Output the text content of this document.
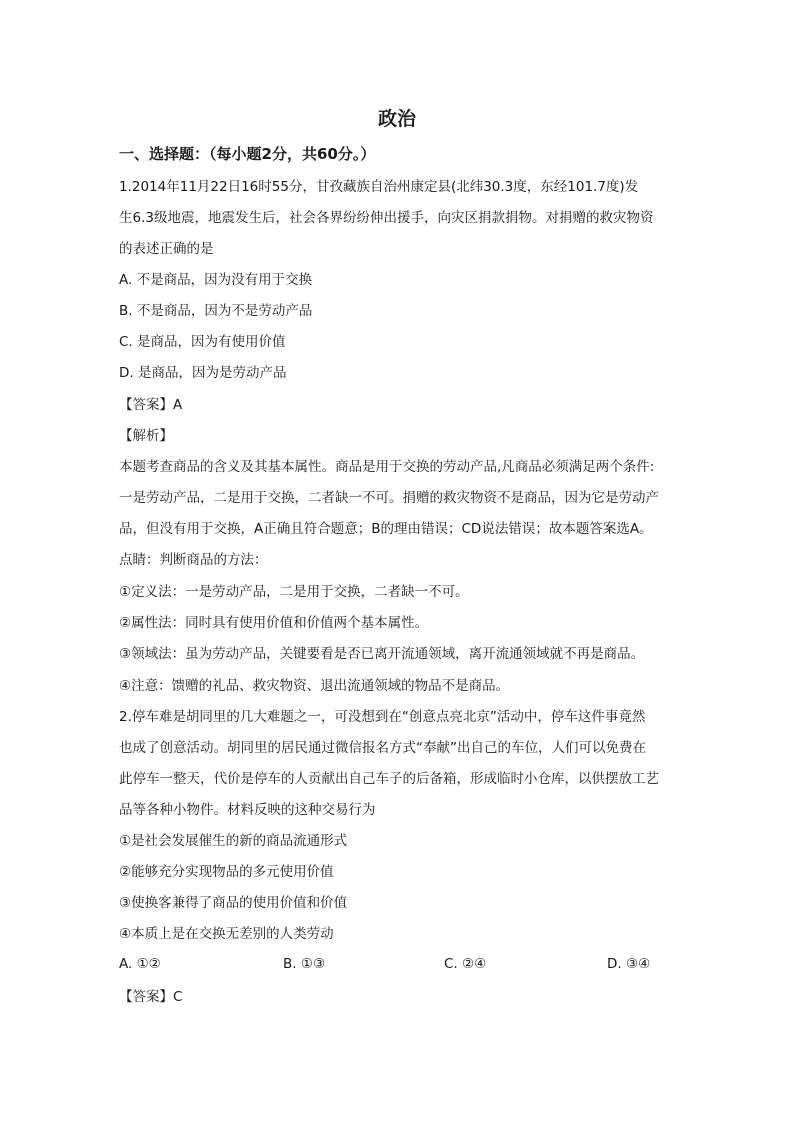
政治
一、选择题：（每小题2分，共60分。）
1.2014年11月22日16时55分，甘孜藏族自治州康定县(北纬30.3度，东经101.7度)发
生6.3级地震，地震发生后，社会各界纷纷伸出援手，向灾区捐款捐物。对捐赠的救灾物资
的表述正确的是
A. 不是商品，因为没有用于交换
B. 不是商品，因为不是劳动产品
C. 是商品，因为有使用价值
D. 是商品，因为是劳动产品
【答案】A
【解析】
本题考查商品的含义及其基本属性。商品是用于交换的劳动产品,凡商品必须满足两个条件:
一是劳动产品，二是用于交换，二者缺一不可。捐赠的救灾物资不是商品，因为它是劳动产
品，但没有用于交换，A正确且符合题意；B的理由错误；CD说法错误；故本题答案选A。
点睛：判断商品的方法：
①定义法：一是劳动产品，二是用于交换，二者缺一不可。
②属性法：同时具有使用价值和价值两个基本属性。
③领域法：虽为劳动产品，关键要看是否已离开流通领域，离开流通领域就不再是商品。
④注意：馈赠的礼品、救灾物资、退出流通领域的物品不是商品。
2.停车难是胡同里的几大难题之一，可没想到在“创意点亮北京”活动中，停车这件事竟然
也成了创意活动。胡同里的居民通过微信报名方式“奉献”出自己的车位，人们可以免费在
此停车一整天，代价是停车的人贡献出自己车子的后备箱，形成临时小仓库，以供摆放工艺
品等各种小物件。材料反映的这种交易行为
①是社会发展催生的新的商品流通形式
②能够充分实现物品的多元使用价值
③使换客兼得了商品的使用价值和价值
④本质上是在交换无差别的人类劳动
A. ①②	B. ①③	C. ②④	D. ③④
【答案】C
